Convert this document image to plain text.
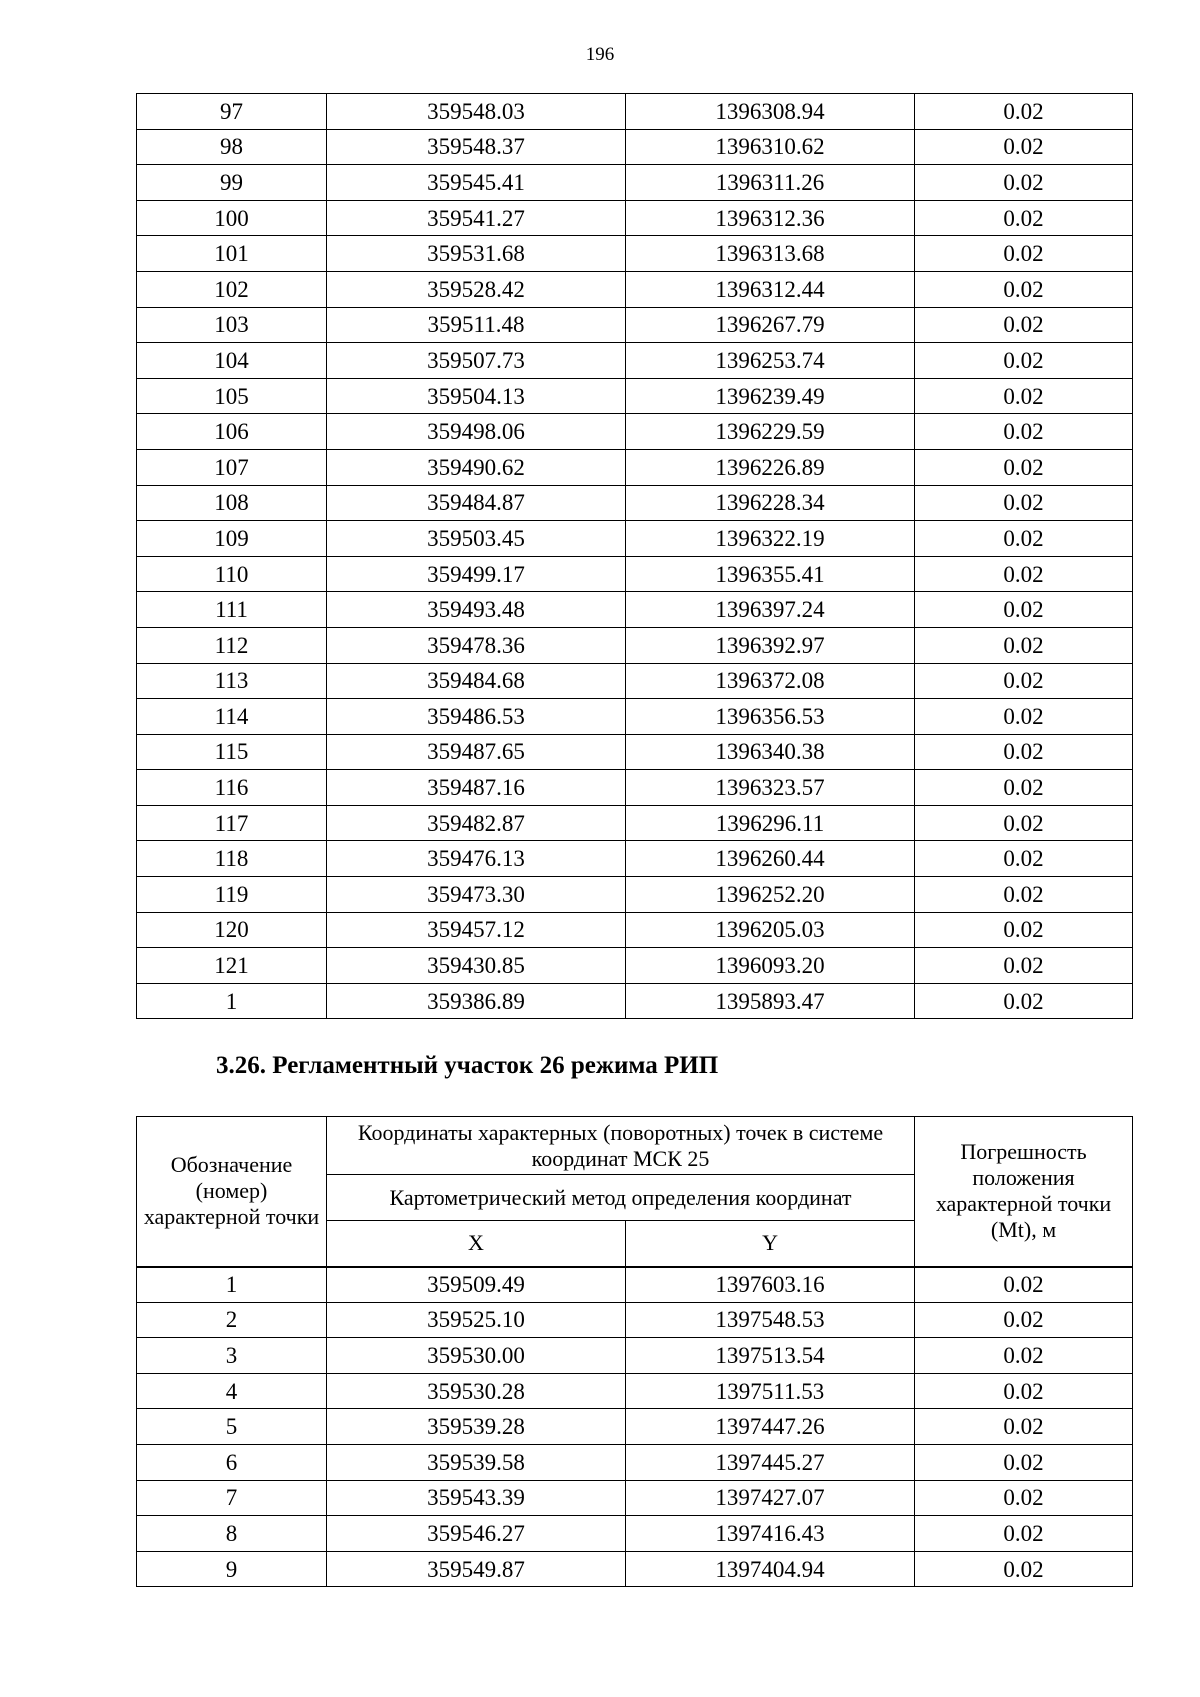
196
97	359548.03	1396308.94	0.02
98	359548.37	1396310.62	0.02
99	359545.41	1396311.26	0.02
100	359541.27	1396312.36	0.02
101	359531.68	1396313.68	0.02
102	359528.42	1396312.44	0.02
103	359511.48	1396267.79	0.02
104	359507.73	1396253.74	0.02
105	359504.13	1396239.49	0.02
106	359498.06	1396229.59	0.02
107	359490.62	1396226.89	0.02
108	359484.87	1396228.34	0.02
109	359503.45	1396322.19	0.02
110	359499.17	1396355.41	0.02
111	359493.48	1396397.24	0.02
112	359478.36	1396392.97	0.02
113	359484.68	1396372.08	0.02
114	359486.53	1396356.53	0.02
115	359487.65	1396340.38	0.02
116	359487.16	1396323.57	0.02
117	359482.87	1396296.11	0.02
118	359476.13	1396260.44	0.02
119	359473.30	1396252.20	0.02
120	359457.12	1396205.03	0.02
121	359430.85	1396093.20	0.02
1	359386.89	1395893.47	0.02
3.26. Регламентный участок 26 режима РИП
Обозначение (номер) характерной точки	Координаты характерных (поворотных) точек в системе координат МСК 25		Погрешность положения характерной точки (Mt), м
	Картометрический метод определения координат		
	X	Y	
1	359509.49	1397603.16	0.02
2	359525.10	1397548.53	0.02
3	359530.00	1397513.54	0.02
4	359530.28	1397511.53	0.02
5	359539.28	1397447.26	0.02
6	359539.58	1397445.27	0.02
7	359543.39	1397427.07	0.02
8	359546.27	1397416.43	0.02
9	359549.87	1397404.94	0.02
